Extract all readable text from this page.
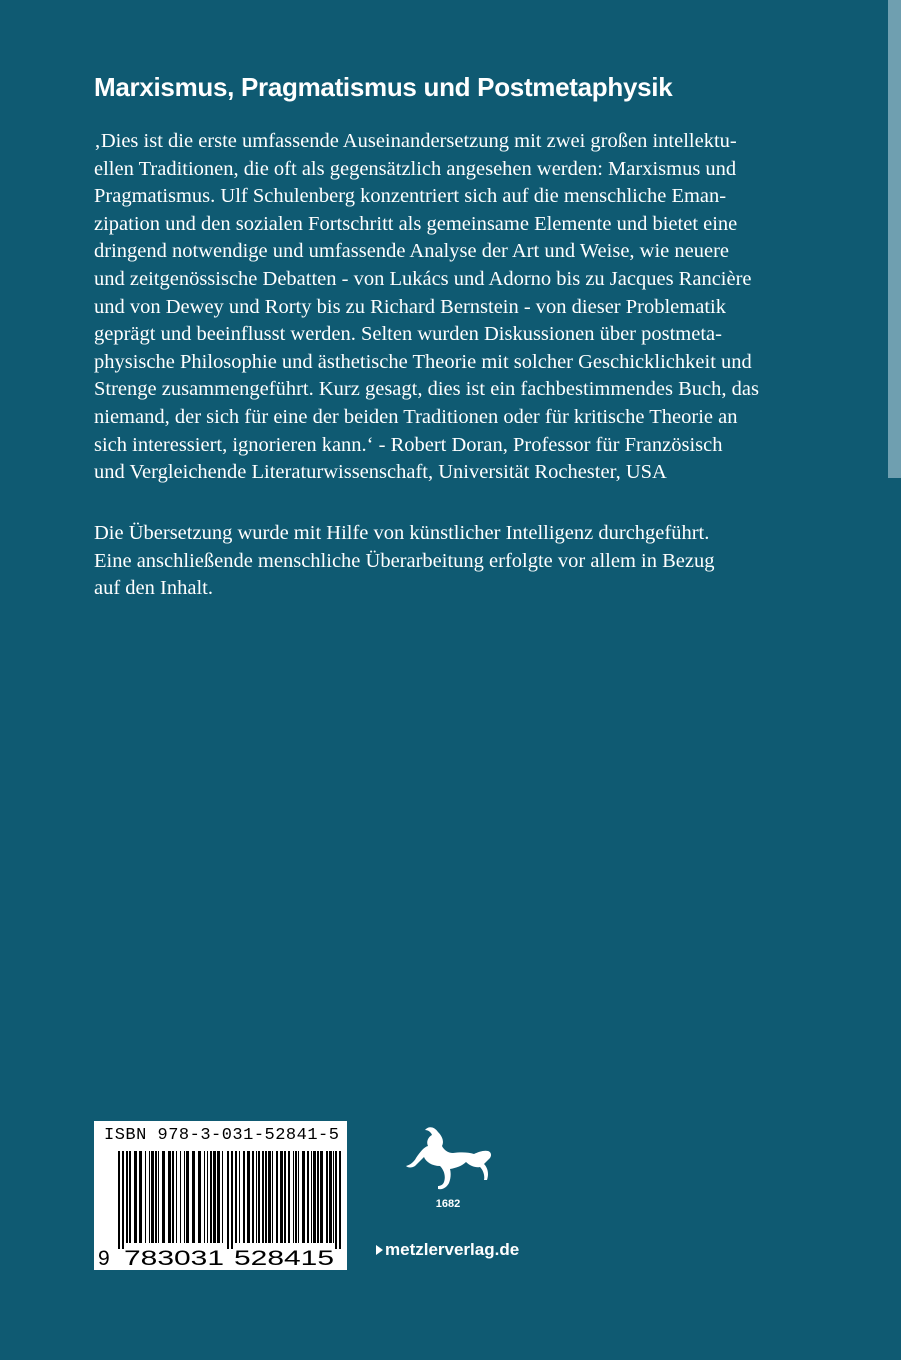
Marxismus, Pragmatismus und Postmetaphysik
‚Dies ist die erste umfassende Auseinandersetzung mit zwei großen intellektu-
ellen Traditionen, die oft als gegensätzlich angesehen werden: Marxismus und
Pragmatismus. Ulf Schulenberg konzentriert sich auf die menschliche Eman-
zipation und den sozialen Fortschritt als gemeinsame Elemente und bietet eine
dringend notwendige und umfassende Analyse der Art und Weise, wie neuere
und zeitgenössische Debatten - von Lukács und Adorno bis zu Jacques Rancière
und von Dewey und Rorty bis zu Richard Bernstein - von dieser Problematik
geprägt und beeinflusst werden. Selten wurden Diskussionen über postmeta-
physische Philosophie und ästhetische Theorie mit solcher Geschicklichkeit und
Strenge zusammengeführt. Kurz gesagt, dies ist ein fachbestimmendes Buch, das
niemand, der sich für eine der beiden Traditionen oder für kritische Theorie an
sich interessiert, ignorieren kann.‘ - Robert Doran, Professor für Französisch
und Vergleichende Literaturwissenschaft, Universität Rochester, USA
Die Übersetzung wurde mit Hilfe von künstlicher Intelligenz durchgeführt.
Eine anschließende menschliche Überarbeitung erfolgte vor allem in Bezug
auf den Inhalt.
ISBN 978-3-031-52841-5
9 783031 528415
1682
metzlerverlag.de
